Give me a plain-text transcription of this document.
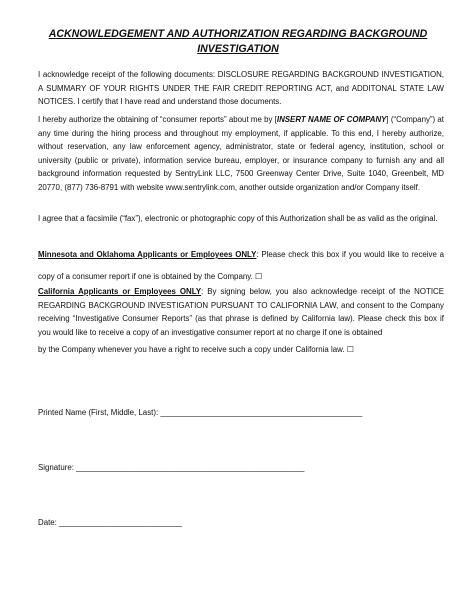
ACKNOWLEDGEMENT AND AUTHORIZATION REGARDING BACKGROUND INVESTIGATION
I acknowledge receipt of the following documents: DISCLOSURE REGARDING BACKGROUND INVESTIGATION, A SUMMARY OF YOUR RIGHTS UNDER THE FAIR CREDIT REPORTING ACT, and ADDITONAL STATE LAW NOTICES. I certify that I have read and understand those documents.
I hereby authorize the obtaining of “consumer reports” about me by [INSERT NAME OF COMPANY] (“Company”) at any time during the hiring process and throughout my employment, if applicable. To this end, I hereby authorize, without reservation, any law enforcement agency, administrator, state or federal agency, institution, school or university (public or private), information service bureau, employer, or insurance company to furnish any and all background information requested by SentryLink LLC, 7500 Greenway Center Drive, Suite 1040, Greenbelt, MD 20770, (877) 736-8791 with website www.sentrylink.com, another outside organization and/or Company itself.
I agree that a facsimile (“fax”), electronic or photographic copy of this Authorization shall be as valid as the original.
Minnesota and Oklahoma Applicants or Employees ONLY: Please check this box if you would like to receive a copy of a consumer report if one is obtained by the Company. ☐
California Applicants or Employees ONLY: By signing below, you also acknowledge receipt of the NOTICE REGARDING BACKGROUND INVESTIGATION PURSUANT TO CALIFORNIA LAW, and consent to the Company receiving “Investigative Consumer Reports” (as that phrase is defined by California law). Please check this box if you would like to receive a copy of an investigative consumer report at no charge if one is obtained
by the Company whenever you have a right to receive such a copy under California law. ☐
Printed Name (First, Middle, Last): ______________________________________________
Signature: ____________________________________________________
Date: ____________________________
